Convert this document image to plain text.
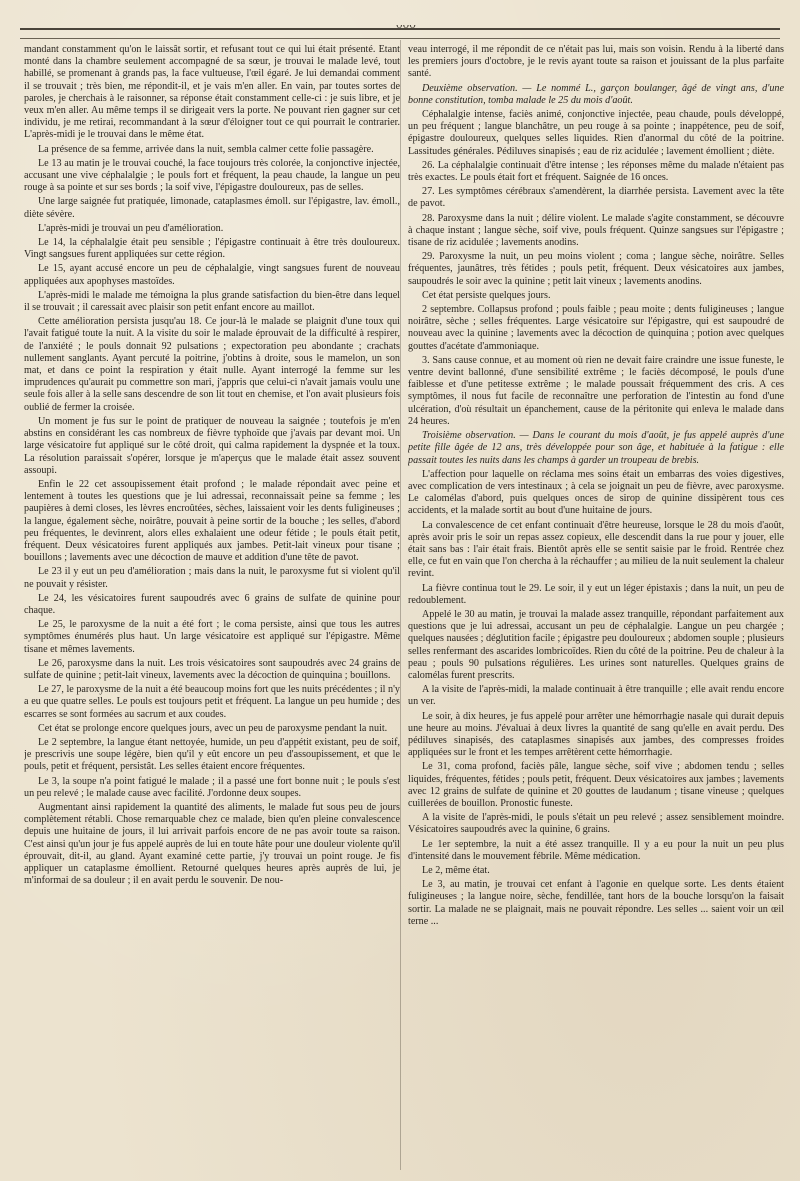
ᴗᴗᴗ

mandant constamment qu'on le laissât sortir, et refusant tout ce qui lui était présenté. Etant monté dans la chambre seulement accompagné de sa sœur, je trouvai le malade levé, tout habillé, se promenant à grands pas, la face vultueuse, l'œil égaré. Je lui demandai comment il se trouvait ; très bien, me répondit-il, et je vais m'en aller. En vain, par toutes sortes de paroles, je cherchais à le raisonner, sa réponse était constamment celle-ci : je suis libre, et je veux m'en aller. Au même temps il se dirigeait vers la porte. Ne pouvant rien gagner sur cet individu, je me retirai, recommandant à la sœur d'éloigner tout ce qui pourrait le contrarier. L'après-midi je le trouvai dans le même état.

La présence de sa femme, arrivée dans la nuit, sembla calmer cette folie passagère.

Le 13 au matin je le trouvai couché, la face toujours très colorée, la conjonctive injectée, accusant une vive céphalalgie ; le pouls fort et fréquent, la peau chaude, la langue un peu rouge à sa pointe et sur ses bords ; la soif vive, l'épigastre douloureux, pas de selles.

Une large saignée fut pratiquée, limonade, cataplasmes émoll. sur l'épigastre, lav. émoll., diète sévère.

L'après-midi je trouvai un peu d'amélioration.

Le 14, la céphalalgie était peu sensible ; l'épigastre continuait à être très douloureux. Vingt sangsues furent appliquées sur cette région.

Le 15, ayant accusé encore un peu de céphalalgie, vingt sangsues furent de nouveau appliquées aux apophyses mastoïdes.

L'après-midi le malade me témoigna la plus grande satisfaction du bien-être dans lequel il se trouvait ; il caressait avec plaisir son petit enfant encore au maillot.

Cette amélioration persista jusqu'au 18. Ce jour-là le malade se plaignit d'une toux qui l'avait fatigué toute la nuit. A la visite du soir le malade éprouvait de la difficulté à respirer, de l'anxiété ; le pouls donnait 92 pulsations ; expectoration peu abondante ; crachats nullement sanglants. Ayant percuté la poitrine, j'obtins à droite, sous le mamelon, un son mat, et dans ce point la respiration y était nulle. Ayant interrogé la femme sur les imprudences qu'aurait pu commettre son mari, j'appris que celui-ci n'avait jamais voulu une seule fois aller à la selle sans descendre de son lit tout en chemise, et l'on avait plusieurs fois oublié de fermer la croisée.

Un moment je fus sur le point de pratiquer de nouveau la saignée ; toutefois je m'en abstins en considérant les cas nombreux de fièvre typhoïde que j'avais par devant moi. Un large vésicatoire fut appliqué sur le côté droit, qui calma rapidement la dyspnée et la toux. La résolution paraissait s'opérer, lorsque je m'aperçus que le malade était assez souvent assoupi.

Enfin le 22 cet assoupissement était profond ; le malade répondait avec peine et lentement à toutes les questions que je lui adressai, reconnaissait peine sa femme ; les paupières à demi closes, les lèvres encroûtées, sèches, laissaient voir les dents fuligineuses ; la langue, également sèche, noirâtre, pouvait à peine sortir de la bouche ; les selles, d'abord peu fréquentes, le devinrent, alors elles exhalaient une odeur fétide ; le pouls était petit, fréquent. Deux vésicatoires furent appliqués aux jambes. Petit-lait vineux pour tisane ; bouillons ; lavements avec une décoction de mauve et addition d'une tête de pavot.

Le 23 il y eut un peu d'amélioration ; mais dans la nuit, le paroxysme fut si violent qu'il ne pouvait y résister.

Le 24, les vésicatoires furent saupoudrés avec 6 grains de sulfate de quinine pour chaque.

Le 25, le paroxysme de la nuit a été fort ; le coma persiste, ainsi que tous les autres symptômes énumérés plus haut. Un large vésicatoire est appliqué sur l'épigastre. Même tisane et mêmes lavements.

Le 26, paroxysme dans la nuit. Les trois vésicatoires sont saupoudrés avec 24 grains de sulfate de quinine ; petit-lait vineux, lavements avec la décoction de quinquina ; bouillons.

Le 27, le paroxysme de la nuit a été beaucoup moins fort que les nuits précédentes ; il n'y a eu que quatre selles. Le pouls est toujours petit et fréquent. La langue un peu humide ; des escarres se sont formées au sacrum et aux coudes.

Cet état se prolonge encore quelques jours, avec un peu de paroxysme pendant la nuit.

Le 2 septembre, la langue étant nettoyée, humide, un peu d'appétit existant, peu de soif, je prescrivis une soupe légère, bien qu'il y eût encore un peu d'assoupissement, et que le pouls, petit et fréquent, persistât. Les selles étaient encore fréquentes.

Le 3, la soupe n'a point fatigué le malade ; il a passé une fort bonne nuit ; le pouls s'est un peu relevé ; le malade cause avec facilité. J'ordonne deux soupes.

Augmentant ainsi rapidement la quantité des aliments, le malade fut sous peu de jours complètement rétabli. Chose remarquable chez ce malade, bien qu'en pleine convalescence depuis une huitaine de jours, il lui arrivait parfois encore de ne pas avoir toute sa raison. C'est ainsi qu'un jour je fus appelé auprès de lui en toute hâte pour une douleur violente qu'il éprouvait, dit-il, au gland. Ayant examiné cette partie, j'y trouvai un point rouge. Je fis appliquer un cataplasme émollient. Retourné quelques heures après auprès de lui, je m'informai de sa douleur ; il en avait perdu le souvenir. De nou-

veau interrogé, il me répondit de ce n'était pas lui, mais son voisin. Rendu à la liberté dans les premiers jours d'octobre, je le revis ayant toute sa raison et jouissant de la plus parfaite santé.

Deuxième observation. — Le nommé L., garçon boulanger, âgé de vingt ans, d'une bonne constitution, tomba malade le 25 du mois d'août.

Céphalalgie intense, faciès animé, conjonctive injectée, peau chaude, pouls développé, un peu fréquent ; langue blanchâtre, un peu rouge à sa pointe ; inappétence, peu de soif, épigastre douloureux, quelques selles liquides. Rien d'anormal du côté de la poitrine. Lassitudes générales. Pédiluves sinapisés ; eau de riz acidulée ; lavement émollient ; diète.

26. La céphalalgie continuait d'être intense ; les réponses même du malade n'étaient pas très exactes. Le pouls était fort et fréquent. Saignée de 16 onces.

27. Les symptômes cérébraux s'amendèrent, la diarrhée persista. Lavement avec la tête de pavot.

28. Paroxysme dans la nuit ; délire violent. Le malade s'agite constamment, se découvre à chaque instant ; langue sèche, soif vive, pouls fréquent. Quinze sangsues sur l'épigastre ; tisane de riz acidulée ; lavements anodins.

29. Paroxysme la nuit, un peu moins violent ; coma ; langue sèche, noirâtre. Selles fréquentes, jaunâtres, très fétides ; pouls petit, fréquent. Deux vésicatoires aux jambes, saupoudrés le soir avec la quinine ; petit lait vineux ; lavements anodins.

Cet état persiste quelques jours.

2 septembre. Collapsus profond ; pouls faible ; peau moite ; dents fuligineuses ; langue noirâtre, sèche ; selles fréquentes. Large vésicatoire sur l'épigastre, qui est saupoudré de nouveau avec la quinine ; lavements avec la décoction de quinquina ; potion avec quelques gouttes d'acétate d'ammoniaque.

3. Sans cause connue, et au moment où rien ne devait faire craindre une issue funeste, le ventre devint ballonné, d'une sensibilité extrême ; le faciès décomposé, le pouls d'une faiblesse et d'une petitesse extrême ; le malade poussait fréquemment des cris. A ces symptômes, il nous fut facile de reconnaître une perforation de l'intestin au fond d'une ulcération, d'où résultait un épanchement, cause de la péritonite qui enleva le malade dans 24 heures.

Troisième observation. — Dans le courant du mois d'août, je fus appelé auprès d'une petite fille âgée de 12 ans, très développée pour son âge, et habituée à la fatigue : elle passait toutes les nuits dans les champs à garder un troupeau de brebis.

L'affection pour laquelle on réclama mes soins était un embarras des voies digestives, avec complication de vers intestinaux ; à cela se joignait un peu de fièvre, avec paroxysme. Le calomélas d'abord, puis quelques onces de sirop de quinine dissipèrent tous ces accidents, et la malade sortit au bout d'une huitaine de jours.

La convalescence de cet enfant continuait d'être heureuse, lorsque le 28 du mois d'août, après avoir pris le soir un repas assez copieux, elle descendit dans la rue pour y jouer, elle était sans bas : l'air était frais. Bientôt après elle se sentit saisie par le froid. Rentrée chez elle, ce fut en vain que l'on chercha à la réchauffer ; au milieu de la nuit seulement la chaleur revint.

La fièvre continua tout le 29. Le soir, il y eut un léger épistaxis ; dans la nuit, un peu de redoublement.

Appelé le 30 au matin, je trouvai la malade assez tranquille, répondant parfaitement aux questions que je lui adressai, accusant un peu de céphalalgie. Langue un peu chargée ; quelques nausées ; déglutition facile ; épigastre peu douloureux ; abdomen souple ; plusieurs selles renfermant des ascarides lombricoïdes. Rien du côté de la poitrine. Peu de chaleur à la peau ; pouls 90 pulsations régulières. Les urines sont naturelles. Quelques grains de calomélas furent prescrits.

A la visite de l'après-midi, la malade continuait à être tranquille ; elle avait rendu encore un ver.

Le soir, à dix heures, je fus appelé pour arrêter une hémorrhagie nasale qui durait depuis une heure au moins. J'évaluai à deux livres la quantité de sang qu'elle en avait perdu. Des pédiluves sinapisés, des cataplasmes sinapisés aux jambes, des compresses froides appliquées sur le front et les tempes arrêtèrent cette hémorrhagie.

Le 31, coma profond, faciès pâle, langue sèche, soif vive ; abdomen tendu ; selles liquides, fréquentes, fétides ; pouls petit, fréquent. Deux vésicatoires aux jambes ; lavements avec 12 grains de sulfate de quinine et 20 gouttes de laudanum ; tisane vineuse ; quelques cuillerées de bouillon. Pronostic funeste.

A la visite de l'après-midi, le pouls s'était un peu relevé ; assez sensiblement moindre. Vésicatoires saupoudrés avec la quinine, 6 grains.

Le 1er septembre, la nuit a été assez tranquille. Il y a eu pour la nuit un peu plus d'intensité dans le mouvement fébrile. Même médication.

Le 2, même état.

Le 3, au matin, je trouvai cet enfant à l'agonie en quelque sorte. Les dents étaient fuligineuses ; la langue noire, sèche, fendillée, tant hors de la bouche lorsqu'on la faisait sortir. La malade ne se plaignait, mais ne pouvait répondre. Les selles ... saient voir un œil terne ...
